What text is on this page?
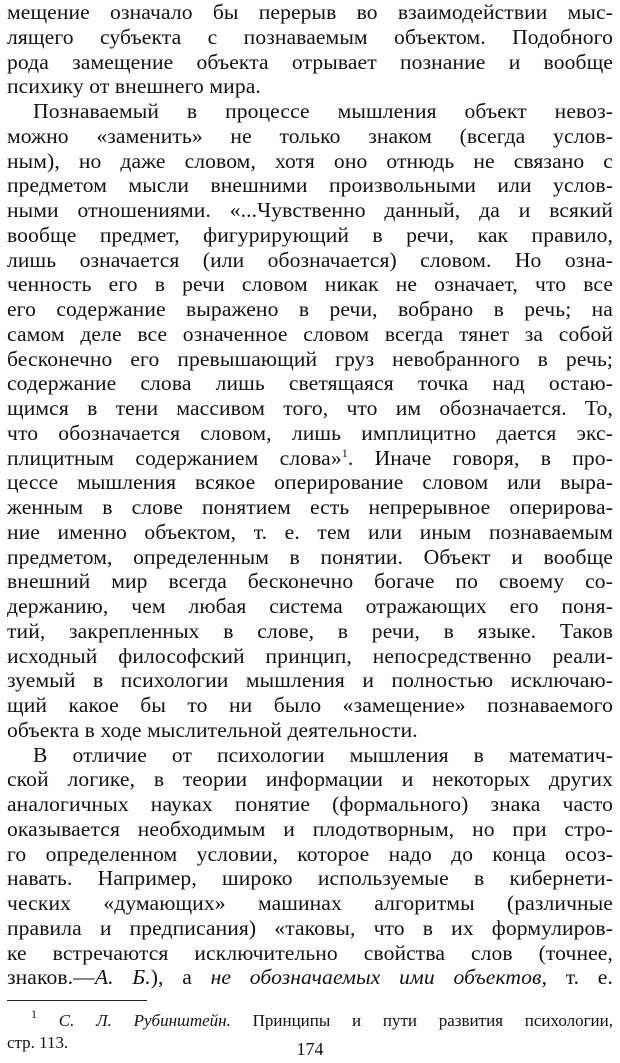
мещение означало бы перерыв во взаимодействии мыс-
лящего субъекта с познаваемым объектом. Подобного
рода замещение объекта отрывает познание и вообще
психику от внешнего мира.
Познаваемый в процессе мышления объект невоз-
можно «заменить» не только знаком (всегда услов-
ным), но даже словом, хотя оно отнюдь не связано с
предметом мысли внешними произвольными или услов-
ными отношениями. «...Чувственно данный, да и всякий
вообще предмет, фигурирующий в речи, как правило,
лишь означается (или обозначается) словом. Но озна-
ченность его в речи словом никак не означает, что все
его содержание выражено в речи, вобрано в речь; на
самом деле все означенное словом всегда тянет за собой
бесконечно его превышающий груз невобранного в речь;
содержание слова лишь светящаяся точка над остаю-
щимся в тени массивом того, что им обозначается. То,
что обозначается словом, лишь имплицитно дается экс-
плицитным содержанием слова»$^1$. Иначе говоря, в про-
цессе мышления всякое оперирование словом или выра-
женным в слове понятием есть непрерывное оперирова-
ние именно объектом, т. е. тем или иным познаваемым
предметом, определенным в понятии. Объект и вообще
внешний мир всегда бесконечно богаче по своему со-
держанию, чем любая система отражающих его поня-
тий, закрепленных в слове, в речи, в языке. Таков
исходный философский принцип, непосредственно реали-
зуемый в психологии мышления и полностью исключаю-
щий какое бы то ни было «замещение» познаваемого
объекта в ходе мыслительной деятельности.
В отличие от психологии мышления в математич-
ской логике, в теории информации и некоторых других
аналогичных науках понятие (формального) знака часто
оказывается необходимым и плодотворным, но при стро-
го определенном условии, которое надо до конца осоз-
навать. Например, широко используемые в кибернети-
ческих «думающих» машинах алгоритмы (различные
правила и предписания) «таковы, что в их формулиров-
ке встречаются исключительно свойства слов (точнее,
знаков.—А. Б.), а не обозначаемых ими объектов, т. е.
$^1$ С. Л. Рубинштейн. Принципы и пути развития психологии,
стр. 113.	174
